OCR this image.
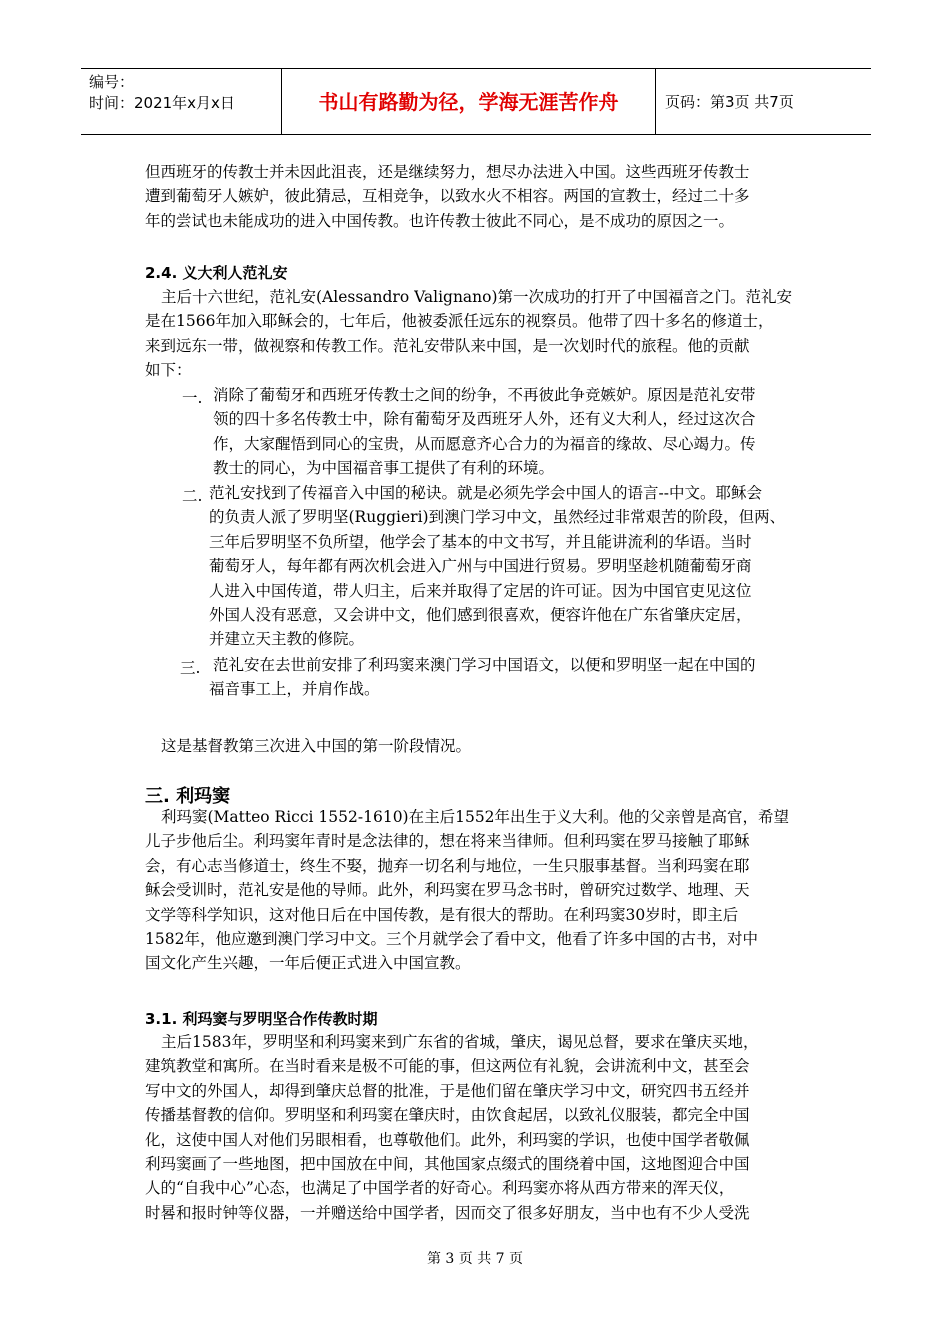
编号：
时间：2021年x月x日	书山有路勤为径，学海无涯苦作舟	页码：第3页 共7页
但西班牙的传教士并未因此沮丧，还是继续努力，想尽办法进入中国。这些西班牙传教士
遭到葡萄牙人嫉妒，彼此猜忌，互相竞争，以致水火不相容。两国的宣教士，经过二十多
年的尝试也未能成功的进入中国传教。也许传教士彼此不同心，是不成功的原因之一。
2.4. 义大利人范礼安
主后十六世纪，范礼安(Alessandro Valignano)第一次成功的打开了中国福音之门。范礼安
是在1566年加入耶稣会的，七年后，他被委派任远东的视察员。他带了四十多名的修道士，
来到远东一带，做视察和传教工作。范礼安带队来中国，是一次划时代的旅程。他的贡献
如下：
一. 消除了葡萄牙和西班牙传教士之间的纷争，不再彼此争竞嫉妒。原因是范礼安带
领的四十多名传教士中，除有葡萄牙及西班牙人外，还有义大利人，经过这次合
作，大家醒悟到同心的宝贵，从而愿意齐心合力的为福音的缘故、尽心竭力。传
教士的同心，为中国福音事工提供了有利的环境。
二. 范礼安找到了传福音入中国的秘诀。就是必须先学会中国人的语言--中文。耶稣会
的负责人派了罗明坚(Ruggieri)到澳门学习中文，虽然经过非常艰苦的阶段，但两、
三年后罗明坚不负所望，他学会了基本的中文书写，并且能讲流利的华语。当时
葡萄牙人，每年都有两次机会进入广州与中国进行贸易。罗明坚趁机随葡萄牙商
人进入中国传道，带人归主，后来并取得了定居的许可证。因为中国官吏见这位
外国人没有恶意，又会讲中文，他们感到很喜欢，便容许他在广东省肇庆定居，
并建立天主教的修院。
三. 范礼安在去世前安排了利玛窦来澳门学习中国语文，以便和罗明坚一起在中国的
福音事工上，并肩作战。
这是基督教第三次进入中国的第一阶段情况。
三. 利玛窦
利玛窦(Matteo Ricci 1552-1610)在主后1552年出生于义大利。他的父亲曾是高官，希望
儿子步他后尘。利玛窦年青时是念法律的，想在将来当律师。但利玛窦在罗马接触了耶稣
会，有心志当修道士，终生不娶，抛弃一切名利与地位，一生只服事基督。当利玛窦在耶
稣会受训时，范礼安是他的导师。此外，利玛窦在罗马念书时，曾研究过数学、地理、天
文学等科学知识，这对他日后在中国传教，是有很大的帮助。在利玛窦30岁时，即主后
1582年，他应邀到澳门学习中文。三个月就学会了看中文，他看了许多中国的古书，对中
国文化产生兴趣，一年后便正式进入中国宣教。
3.1. 利玛窦与罗明坚合作传教时期
主后1583年，罗明坚和利玛窦来到广东省的省城，肇庆，谒见总督，要求在肇庆买地，
建筑教堂和寓所。在当时看来是极不可能的事，但这两位有礼貌，会讲流利中文，甚至会
写中文的外国人，却得到肇庆总督的批准，于是他们留在肇庆学习中文，研究四书五经并
传播基督教的信仰。罗明坚和利玛窦在肇庆时，由饮食起居，以致礼仪服装，都完全中国
化，这使中国人对他们另眼相看，也尊敬他们。此外，利玛窦的学识，也使中国学者敬佩
利玛窦画了一些地图，把中国放在中间，其他国家点缀式的围绕着中国，这地图迎合中国
人的“自我中心”心态，也满足了中国学者的好奇心。利玛窦亦将从西方带来的浑天仪，
时晷和报时钟等仪器，一并赠送给中国学者，因而交了很多好朋友，当中也有不少人受洗
第 3 页 共 7 页
